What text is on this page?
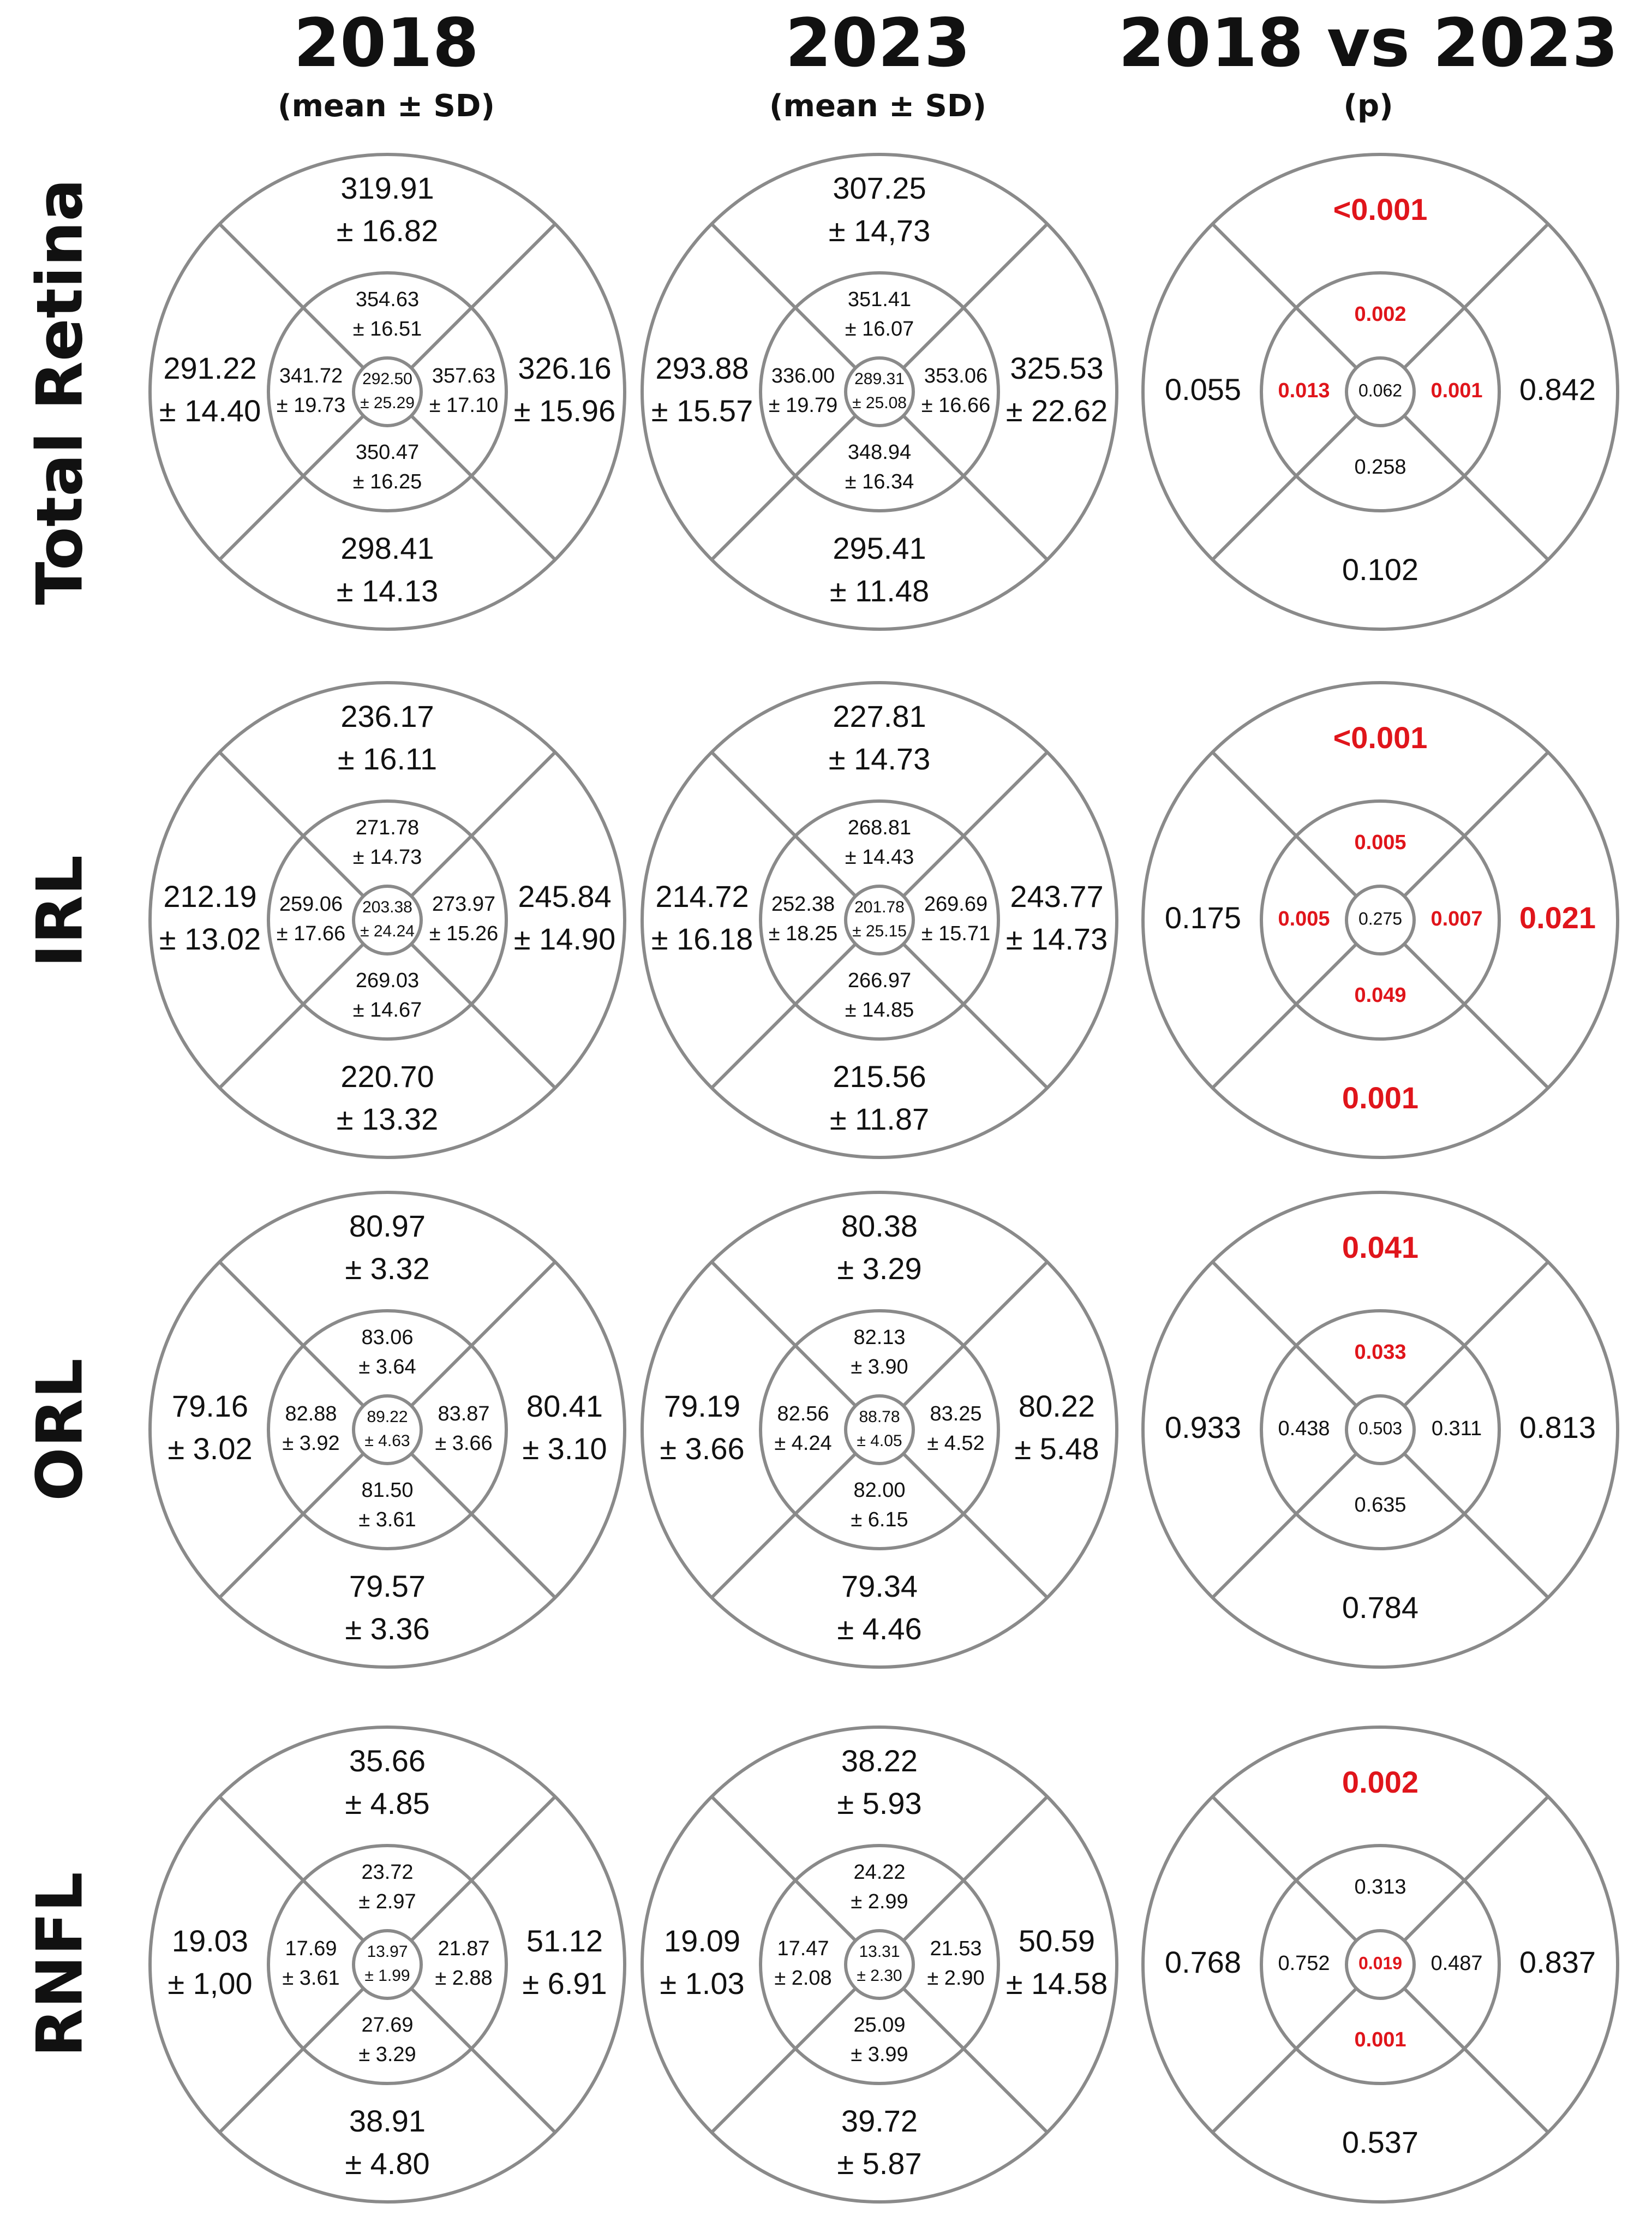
2018
(mean ± SD)
2023
(mean ± SD)
2018 vs 2023
(p)
Total Retina
IRL
ORL
RNFL
319.91
± 16.82
291.22
± 14.40
326.16
± 15.96
298.41
± 14.13
354.63
± 16.51
341.72
± 19.73
357.63
± 17.10
350.47
± 16.25
292.50
± 25.29
307.25
± 14,73
293.88
± 15.57
325.53
± 22.62
295.41
± 11.48
351.41
± 16.07
336.00
± 19.79
353.06
± 16.66
348.94
± 16.34
289.31
± 25.08
<0.001
0.055	0.842
0.102
0.002
0.013	0.001
0.258
0.062
236.17
± 16.11
212.19
± 13.02
245.84
± 14.90
220.70
± 13.32
271.78
± 14.73
259.06
± 17.66
273.97
± 15.26
269.03
± 14.67
203.38
± 24.24
227.81
± 14.73
214.72
± 16.18
243.77
± 14.73
215.56
± 11.87
268.81
± 14.43
252.38
± 18.25
269.69
± 15.71
266.97
± 14.85
201.78
± 25.15
<0.001
0.175	0.021
0.001
0.005
0.005	0.007
0.049
0.275
80.97
± 3.32
79.16
± 3.02
80.41
± 3.10
79.57
± 3.36
83.06
± 3.64
82.88
± 3.92
83.87
± 3.66
81.50
± 3.61
89.22
± 4.63
80.38
± 3.29
79.19
± 3.66
80.22
± 5.48
79.34
± 4.46
82.13
± 3.90
82.56
± 4.24
83.25
± 4.52
82.00
± 6.15
88.78
± 4.05
0.041
0.933	0.813
0.784
0.033
0.438	0.311
0.635
0.503
35.66
± 4.85
19.03
± 1,00
51.12
± 6.91
38.91
± 4.80
23.72
± 2.97
17.69
± 3.61
21.87
± 2.88
27.69
± 3.29
13.97
± 1.99
38.22
± 5.93
19.09
± 1.03
50.59
± 14.58
39.72
± 5.87
24.22
± 2.99
17.47
± 2.08
21.53
± 2.90
25.09
± 3.99
13.31
± 2.30
0.002
0.768	0.837
0.537
0.313
0.752	0.487
0.001
0.019
